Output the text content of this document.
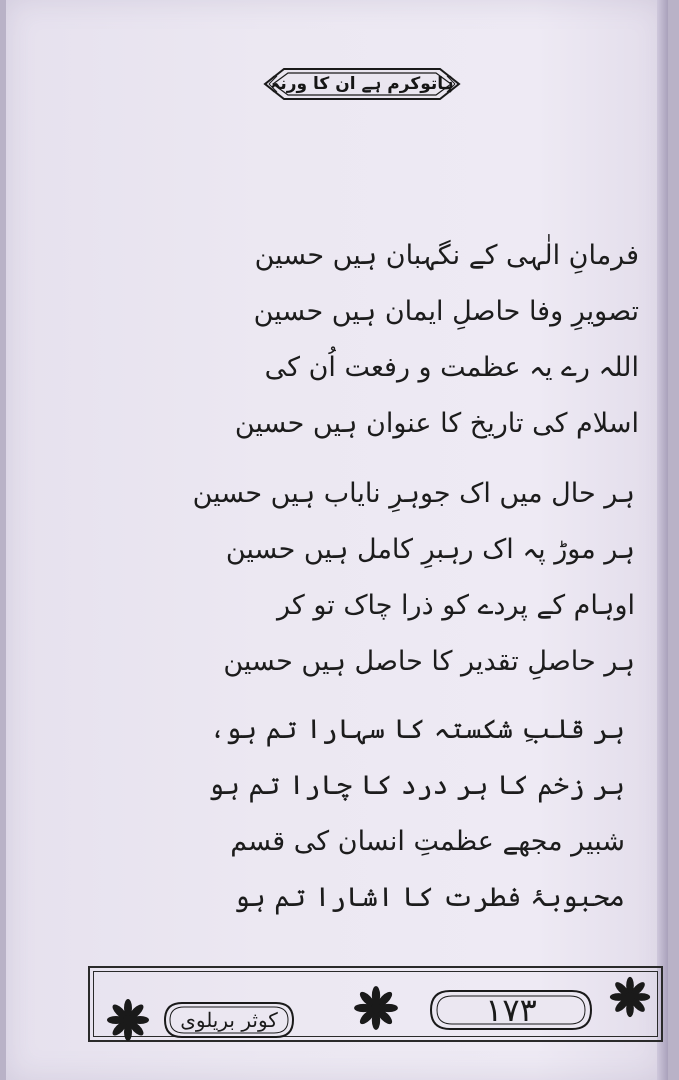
ہاتوکرم ہے ان کا ورنہ
فرمانِ الٰہی کے نگہبان ہیں حسین
تصویرِ وفا حاصلِ ایمان ہیں حسین
اللہ رے یہ عظمت و رفعت اُن کی
اسلام کی تاریخ کا عنوان ہیں حسین
ہر حال میں اک جوہرِ نایاب ہیں حسین
ہر موڑ پہ اک رہبرِ کامل ہیں حسین
اوہام کے پردے کو ذرا چاک تو کر
ہر حاصلِ تقدیر کا حاصل ہیں حسین
ہر قلبِ شکستہ کا سہارا تم ہو،
ہر زخم کا ہر درد کا چارا تم ہو
شبیر مجھے عظمتِ انسان کی قسم
محبوبۂ فطرت کا اشارا تم ہو
کوثر بریلوی	۱۷۳
